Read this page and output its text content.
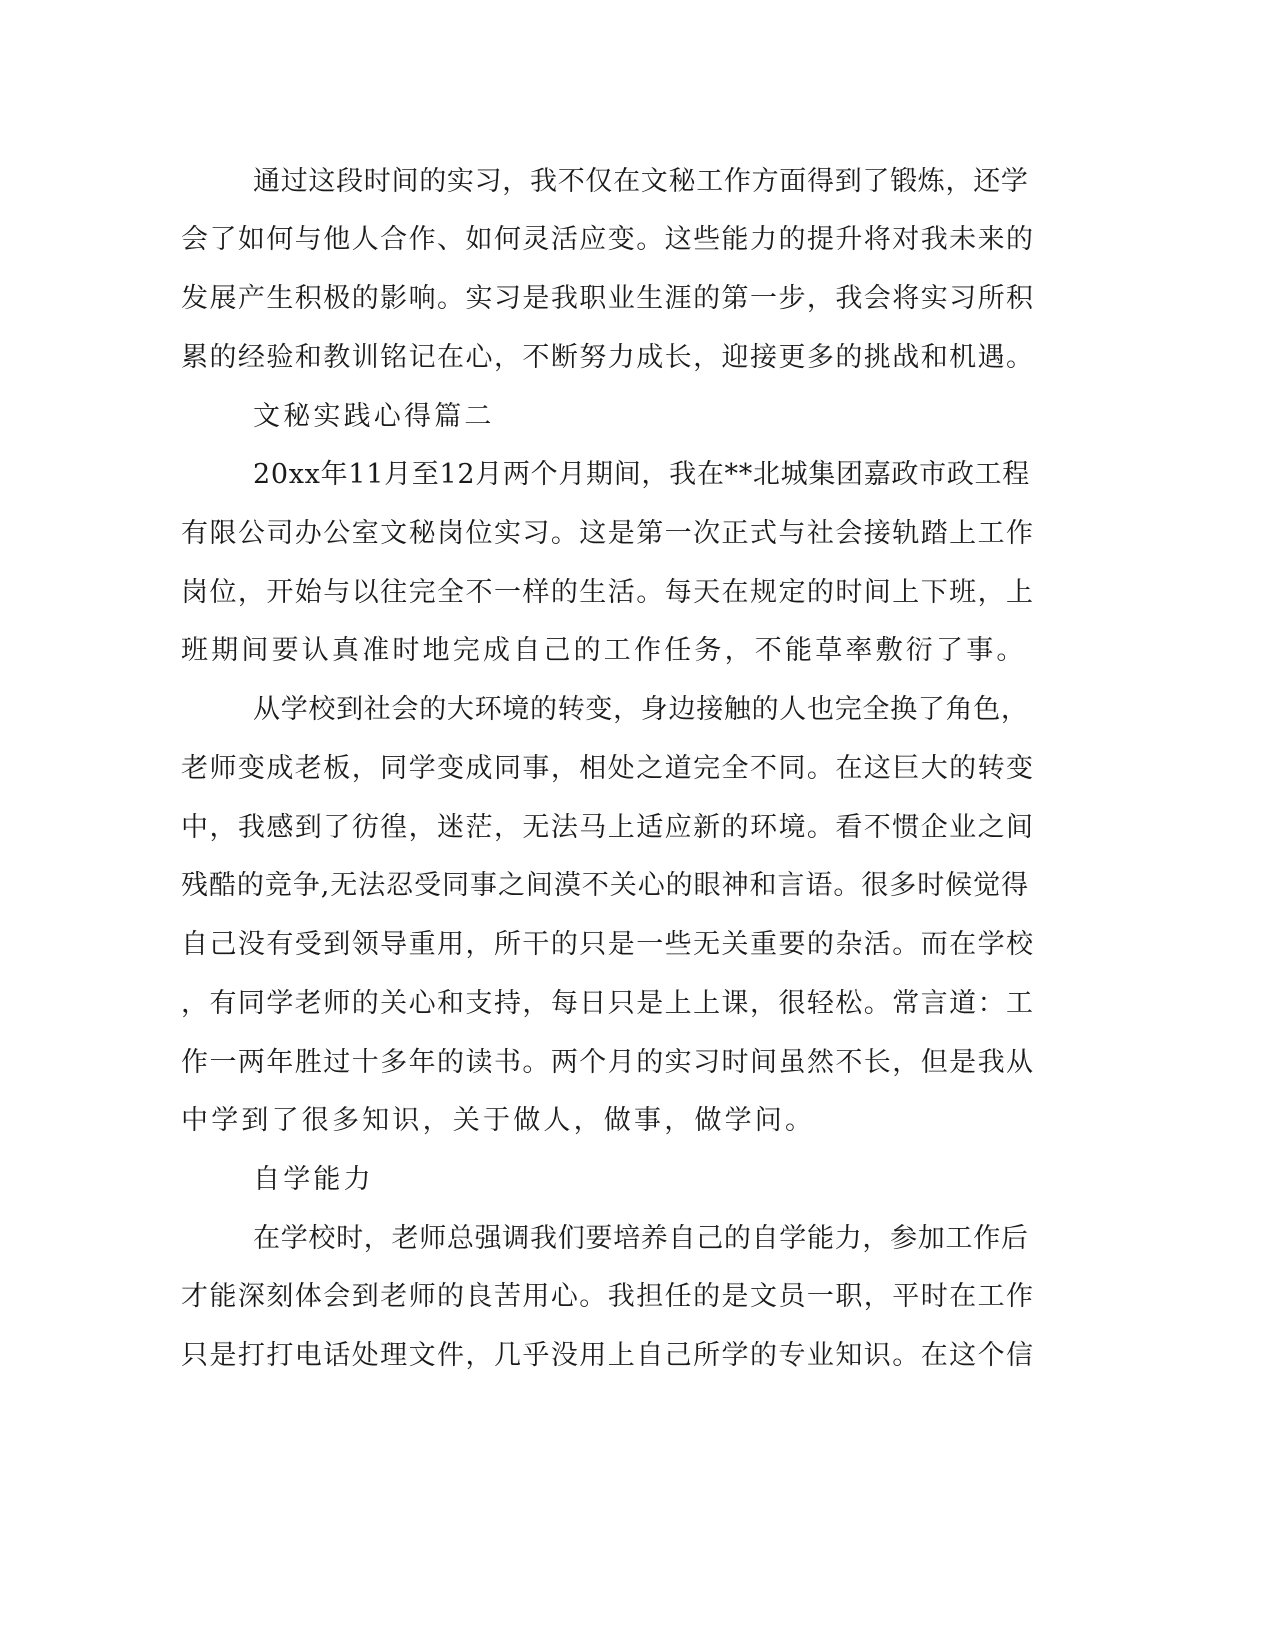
通过这段时间的实习，我不仅在文秘工作方面得到了锻炼，还学
会了如何与他人合作、如何灵活应变。这些能力的提升将对我未来的
发展产生积极的影响。实习是我职业生涯的第一步，我会将实习所积
累的经验和教训铭记在心，不断努力成长，迎接更多的挑战和机遇。
文秘实践心得篇二
20xx年11月至12月两个月期间，我在**北城集团嘉政市政工程
有限公司办公室文秘岗位实习。这是第一次正式与社会接轨踏上工作
岗位，开始与以往完全不一样的生活。每天在规定的时间上下班，上
班期间要认真准时地完成自己的工作任务，不能草率敷衍了事。
从学校到社会的大环境的转变，身边接触的人也完全换了角色，
老师变成老板，同学变成同事，相处之道完全不同。在这巨大的转变
中，我感到了彷徨，迷茫，无法马上适应新的环境。看不惯企业之间
残酷的竞争,无法忍受同事之间漠不关心的眼神和言语。很多时候觉得
自己没有受到领导重用，所干的只是一些无关重要的杂活。而在学校
，有同学老师的关心和支持，每日只是上上课，很轻松。常言道：工
作一两年胜过十多年的读书。两个月的实习时间虽然不长，但是我从
中学到了很多知识，关于做人，做事，做学问。
自学能力
在学校时，老师总强调我们要培养自己的自学能力，参加工作后
才能深刻体会到老师的良苦用心。我担任的是文员一职，平时在工作
只是打打电话处理文件，几乎没用上自己所学的专业知识。在这个信
